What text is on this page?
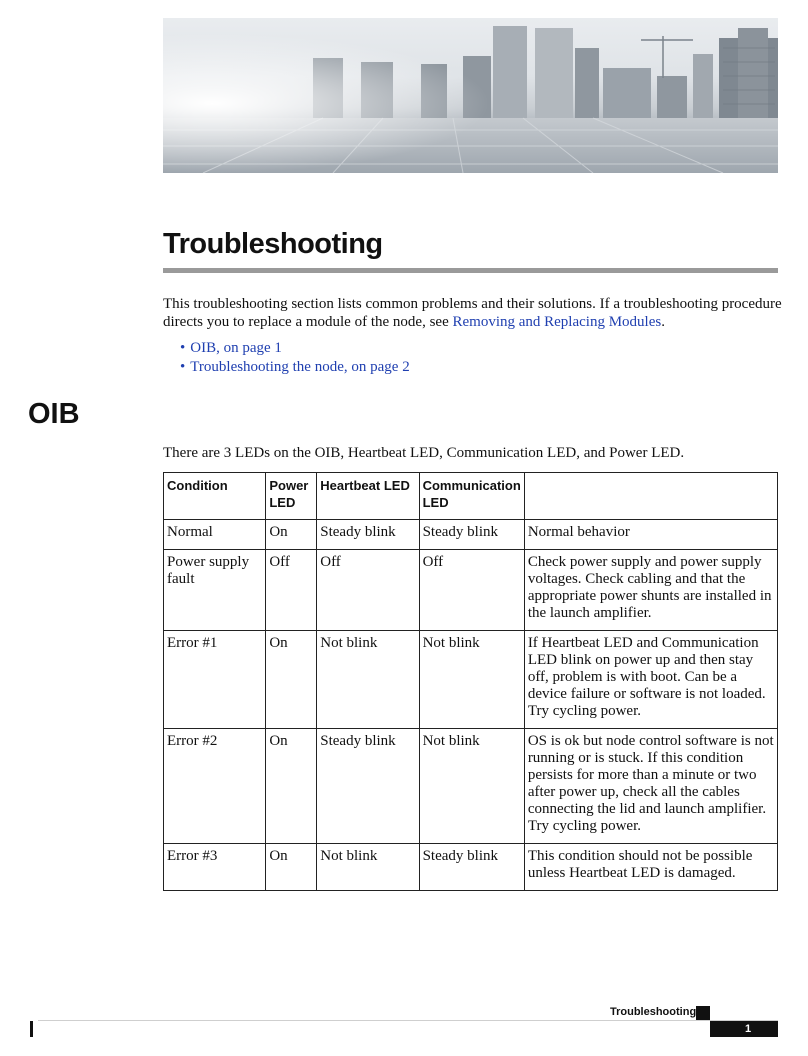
Troubleshooting

This troubleshooting section lists common problems and their solutions. If a troubleshooting procedure directs you to replace a module of the node, see Removing and Replacing Modules.

• OIB, on page 1
• Troubleshooting the node, on page 2
OIB

There are 3 LEDs on the OIB, Heartbeat LED, Communication LED, and Power LED.

Condition	Power LED	Heartbeat LED	Communication LED	
Normal	On	Steady blink	Steady blink	Normal behavior
Power supply fault	Off	Off	Off	Check power supply and power supply voltages. Check cabling and that the appropriate power shunts are installed in the launch amplifier.
Error #1	On	Not blink	Not blink	If Heartbeat LED and Communication LED blink on power up and then stay off, problem is with boot. Can be a device failure or software is not loaded. Try cycling power.
Error #2	On	Steady blink	Not blink	OS is ok but node control software is not running or is stuck. If this condition persists for more than a minute or two after power up, check all the cables connecting the lid and launch amplifier. Try cycling power.
Error #3	On	Not blink	Steady blink	This condition should not be possible unless Heartbeat LED is damaged.
Troubleshooting
1
